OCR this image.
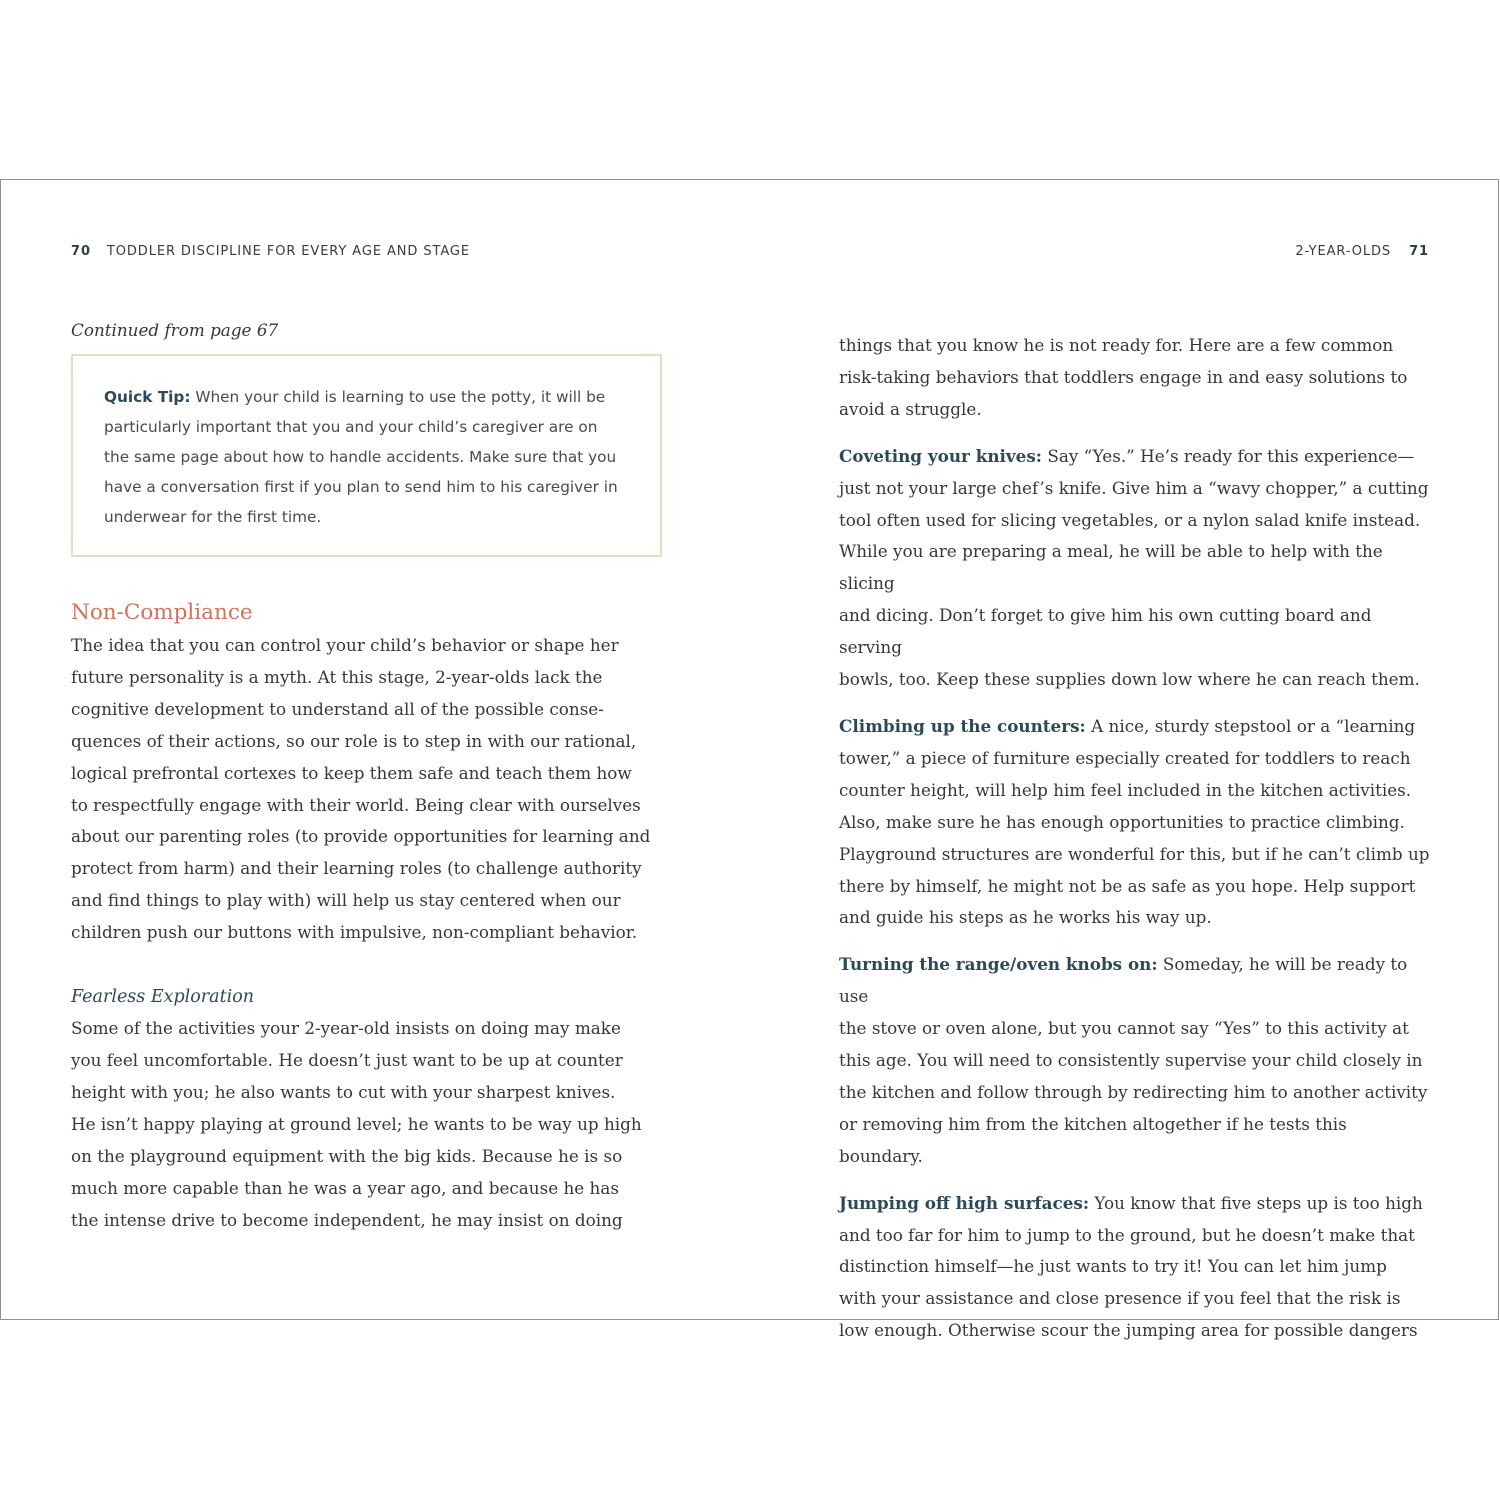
70 TODDLER DISCIPLINE FOR EVERY AGE AND STAGE	2-YEAR-OLDS 71
Continued from page 67
Quick Tip: When your child is learning to use the potty, it will be
particularly important that you and your child’s caregiver are on
the same page about how to handle accidents. Make sure that you
have a conversation first if you plan to send him to his caregiver in
underwear for the first time.
Non-Compliance

The idea that you can control your child’s behavior or shape her
future personality is a myth. At this stage, 2-year-olds lack the
cognitive development to understand all of the possible conse-
quences of their actions, so our role is to step in with our rational,
logical prefrontal cortexes to keep them safe and teach them how
to respectfully engage with their world. Being clear with ourselves
about our parenting roles (to provide opportunities for learning and
protect from harm) and their learning roles (to challenge authority
and find things to play with) will help us stay centered when our
children push our buttons with impulsive, non-compliant behavior.

Fearless Exploration

Some of the activities your 2-year-old insists on doing may make
you feel uncomfortable. He doesn’t just want to be up at counter
height with you; he also wants to cut with your sharpest knives.
He isn’t happy playing at ground level; he wants to be way up high
on the playground equipment with the big kids. Because he is so
much more capable than he was a year ago, and because he has
the intense drive to become independent, he may insist on doing

things that you know he is not ready for. Here are a few common
risk-taking behaviors that toddlers engage in and easy solutions to
avoid a struggle.

Coveting your knives: Say “Yes.” He’s ready for this experience—
just not your large chef’s knife. Give him a “wavy chopper,” a cutting
tool often used for slicing vegetables, or a nylon salad knife instead.
While you are preparing a meal, he will be able to help with the slicing
and dicing. Don’t forget to give him his own cutting board and serving
bowls, too. Keep these supplies down low where he can reach them.

Climbing up the counters: A nice, sturdy stepstool or a “learning
tower,” a piece of furniture especially created for toddlers to reach
counter height, will help him feel included in the kitchen activities.
Also, make sure he has enough opportunities to practice climbing.
Playground structures are wonderful for this, but if he can’t climb up
there by himself, he might not be as safe as you hope. Help support
and guide his steps as he works his way up.

Turning the range/oven knobs on: Someday, he will be ready to use
the stove or oven alone, but you cannot say “Yes” to this activity at
this age. You will need to consistently supervise your child closely in
the kitchen and follow through by redirecting him to another activity
or removing him from the kitchen altogether if he tests this boundary.

Jumping off high surfaces: You know that five steps up is too high
and too far for him to jump to the ground, but he doesn’t make that
distinction himself—he just wants to try it! You can let him jump
with your assistance and close presence if you feel that the risk is
low enough. Otherwise scour the jumping area for possible dangers
